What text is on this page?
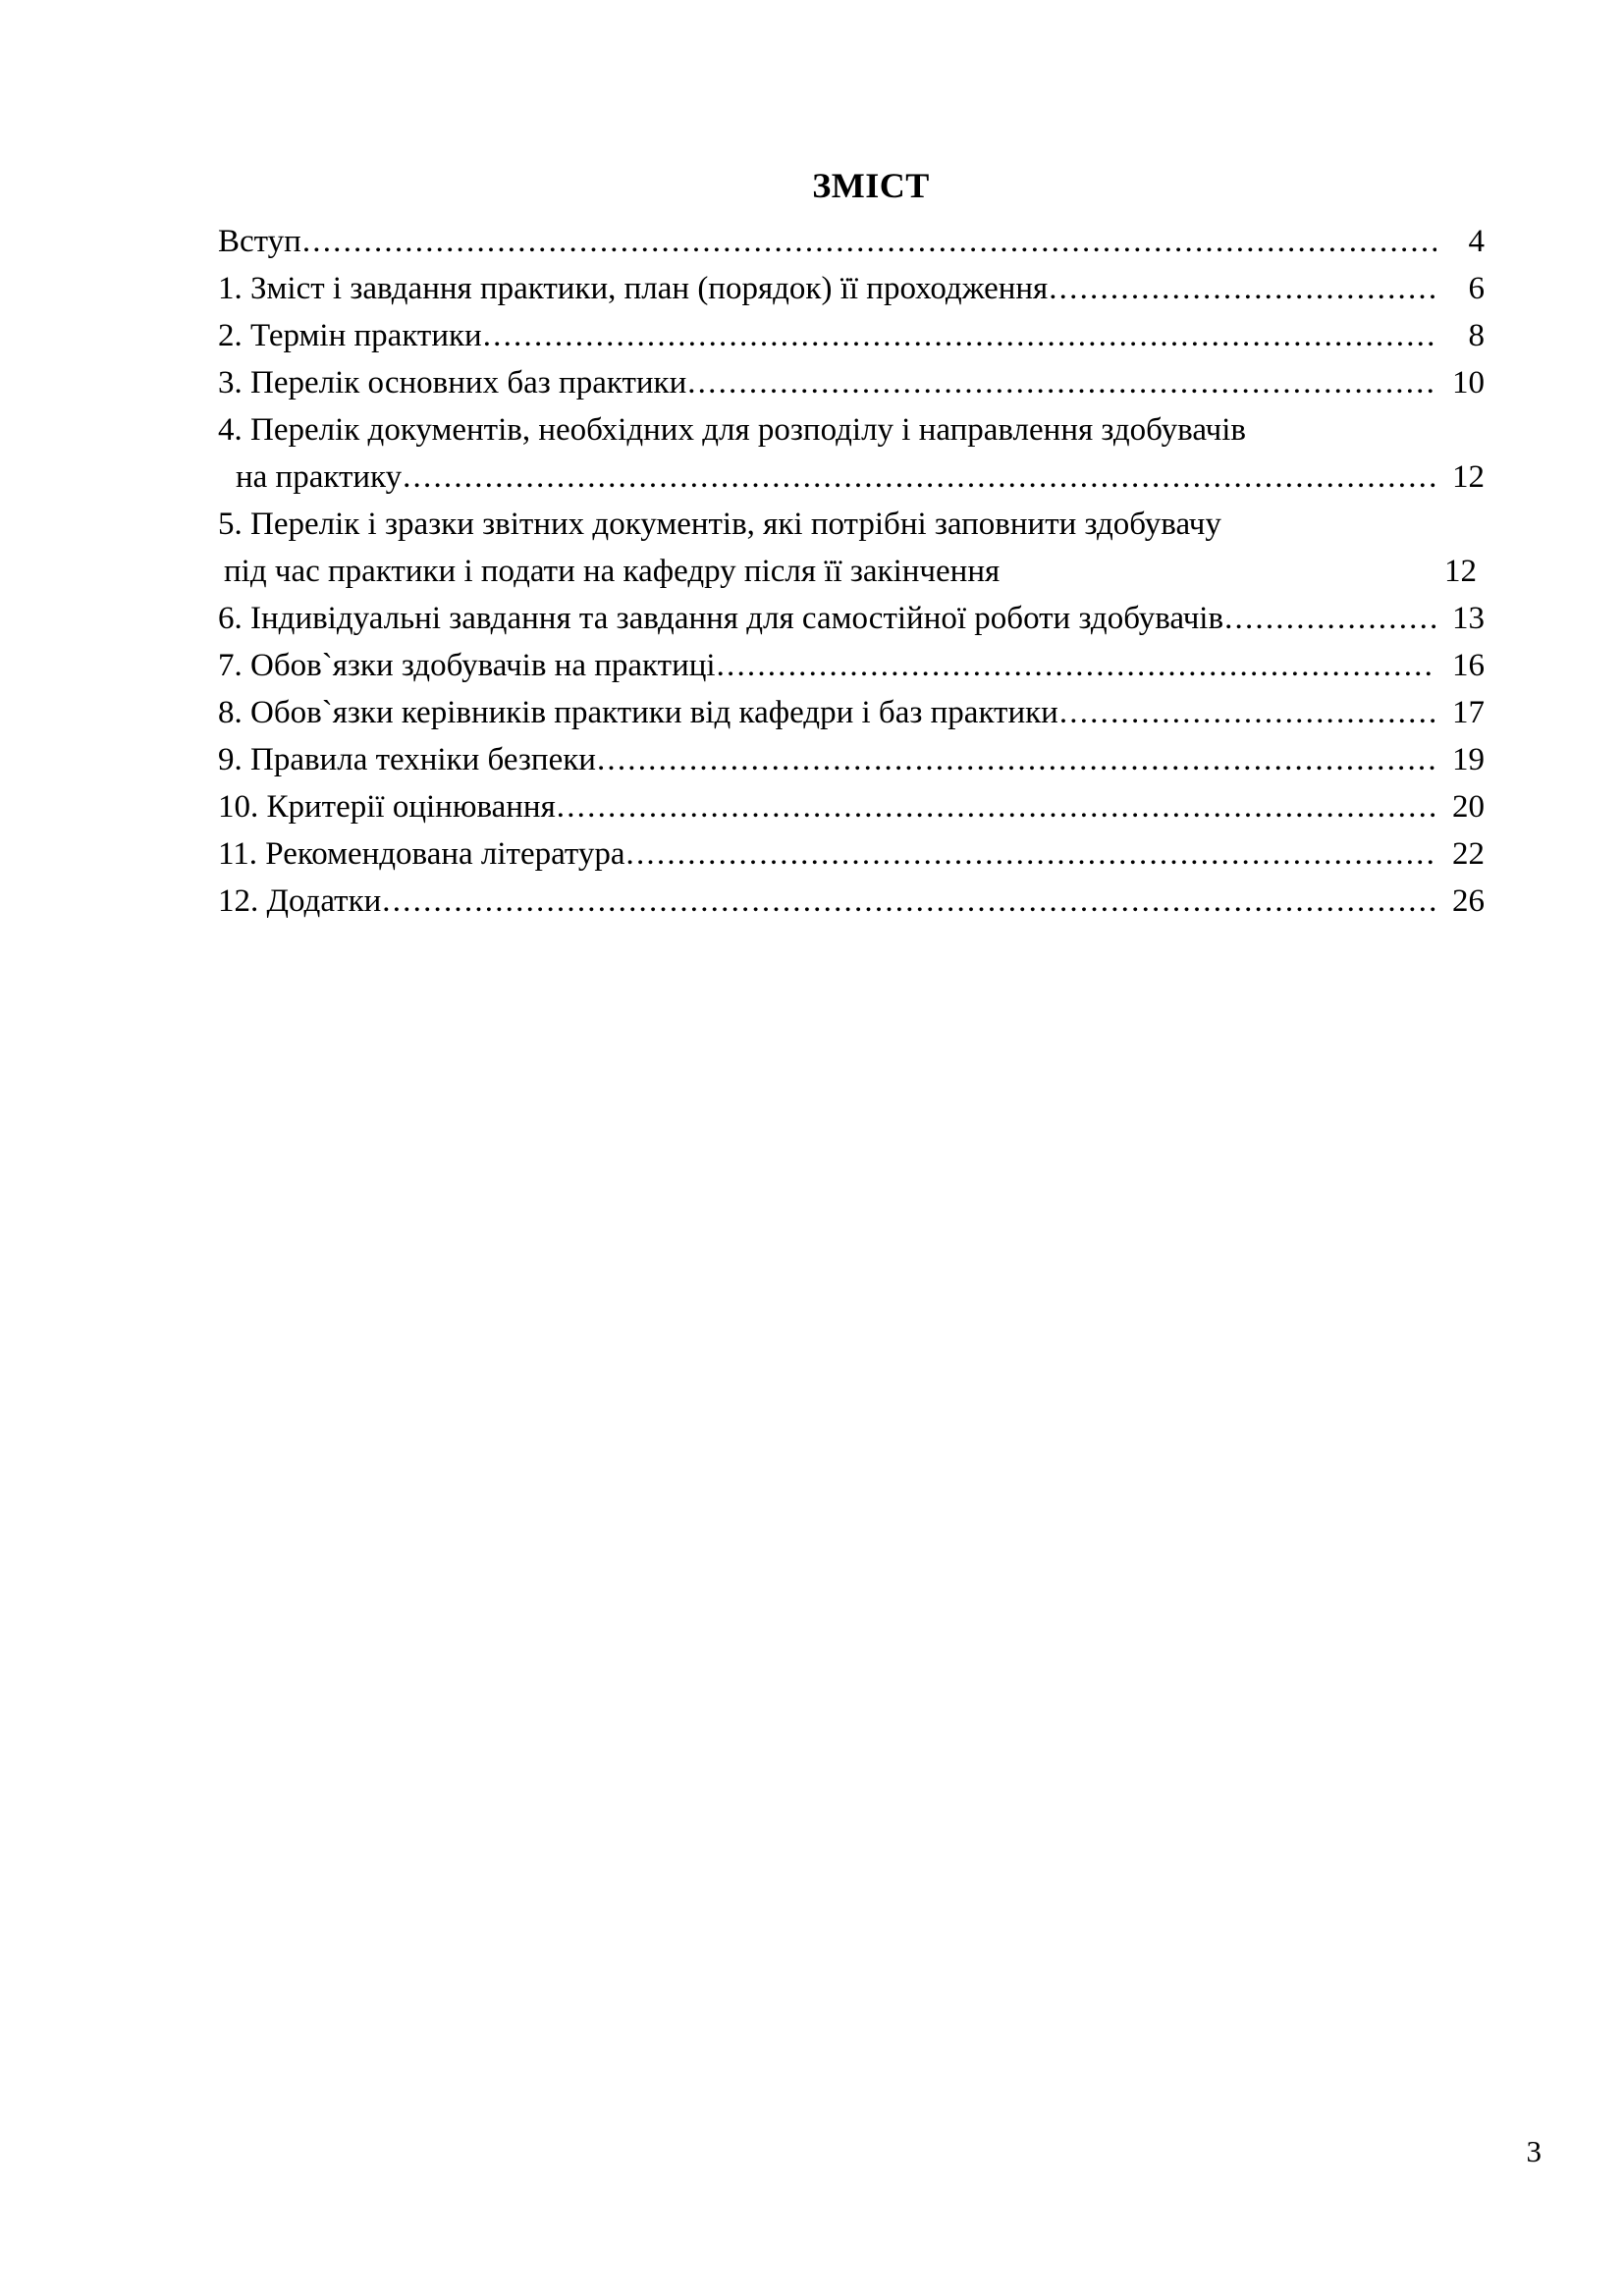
ЗМІСТ
Вступ .....	4
1. Зміст і завдання практики, план (порядок) її проходження .....	6
2. Термін практики .....	8
3. Перелік основних баз практики .....	10
4. Перелік документів, необхідних для розподілу і направлення здобувачів
на практику .....	12
5. Перелік і зразки звітних документів, які потрібні заповнити здобувачу
під час практики і подати на кафедру після її закінчення	12
6. Індивідуальні завдання та завдання для самостійної роботи здобувачів .....	13
7. Обов`язки здобувачів на практиці .....	16
8. Обов`язки керівників практики від кафедри і баз практики .....	17
9. Правила техніки безпеки .....	19
10. Критерії оцінювання .....	20
11. Рекомендована література .....	22
12. Додатки .....	26
3
